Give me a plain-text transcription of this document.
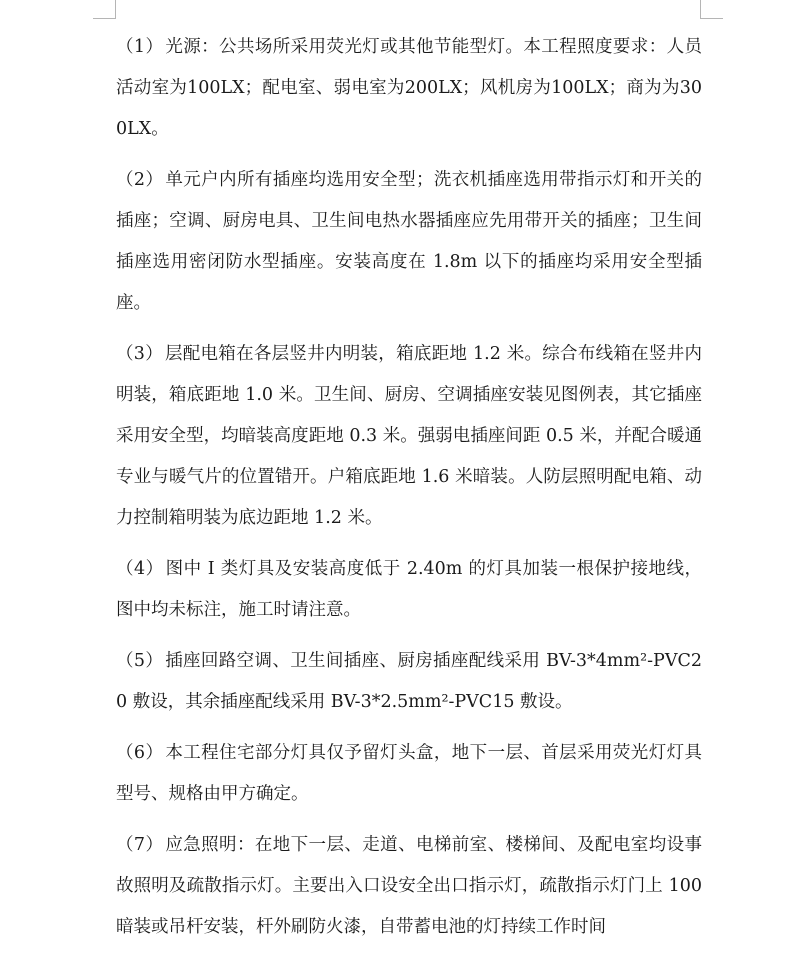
（1） 光源：公共场所采用荧光灯或其他节能型灯。本工程照度要求：人员活动室为100LX；配电室、弱电室为200LX；风机房为100LX；商为为300LX。

（2） 单元户内所有插座均选用安全型；洗衣机插座选用带指示灯和开关的插座；空调、厨房电具、卫生间电热水器插座应先用带开关的插座；卫生间插座选用密闭防水型插座。安装高度在 1.8m 以下的插座均采用安全型插座。

（3） 层配电箱在各层竖井内明装，箱底距地 1.2 米。综合布线箱在竖井内明装，箱底距地 1.0 米。卫生间、厨房、空调插座安装见图例表，其它插座采用安全型，均暗装高度距地 0.3 米。强弱电插座间距 0.5 米，并配合暖通专业与暖气片的位置错开。户箱底距地 1.6 米暗装。人防层照明配电箱、动力控制箱明装为底边距地 1.2 米。

（4） 图中 I 类灯具及安装高度低于 2.40m 的灯具加装一根保护接地线，图中均未标注，施工时请注意。

（5） 插座回路空调、卫生间插座、厨房插座配线采用 BV-3*4mm²-PVC20 敷设，其余插座配线采用 BV-3*2.5mm²-PVC15 敷设。

（6） 本工程住宅部分灯具仅予留灯头盒，地下一层、首层采用荧光灯灯具型号、规格由甲方确定。

（7） 应急照明：在地下一层、走道、电梯前室、楼梯间、及配电室均设事故照明及疏散指示灯。主要出入口设安全出口指示灯，疏散指示灯门上 100 暗装或吊杆安装，杆外刷防火漆，自带蓄电池的灯持续工作时间
